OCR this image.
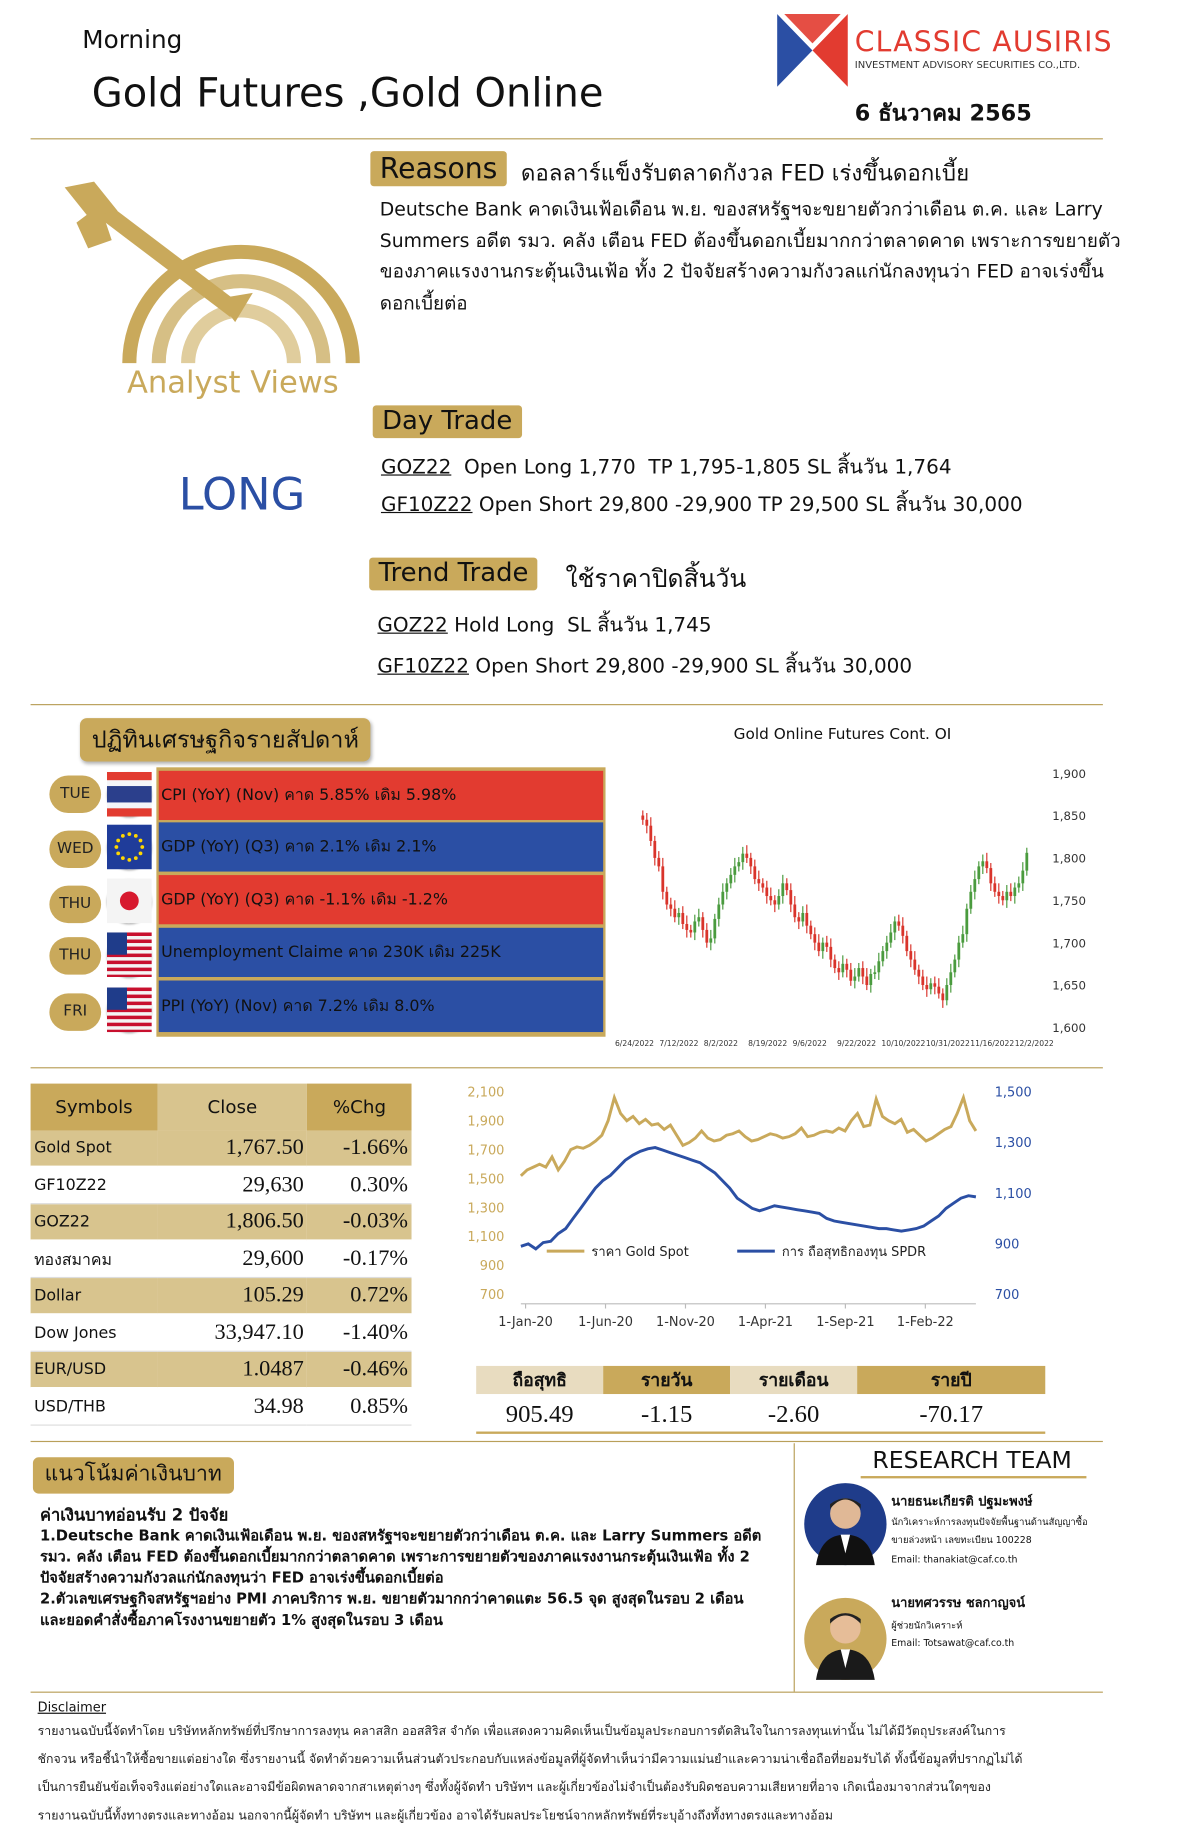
Morning
Gold Futures ,Gold Online
CLASSIC AUSIRIS
INVESTMENT ADVISORY SECURITIES CO.,LTD.
6 ธันวาคม 2565
Analyst Views
LONG
Reasons	ดอลลาร์แข็งรับตลาดกังวล FED เร่งขึ้นดอกเบี้ย
Deutsche Bank คาดเงินเฟ้อเดือน พ.ย. ของสหรัฐฯจะขยายตัวกว่าเดือน ต.ค. และ Larry
Summers อดีต รมว. คลัง เตือน FED ต้องขึ้นดอกเบี้ยมากกว่าตลาดคาด เพราะการขยายตัว
ของภาคแรงงานกระตุ้นเงินเฟ้อ ทั้ง 2 ปัจจัยสร้างความกังวลแก่นักลงทุนว่า FED อาจเร่งขึ้น
ดอกเบี้ยต่อ
Day Trade
GOZ22  Open Long 1,770  TP 1,795-1,805 SL สิ้นวัน 1,764
GF10Z22 Open Short 29,800 -29,900 TP 29,500 SL สิ้นวัน 30,000
Trend Trade	ใช้ราคาปิดสิ้นวัน
GOZ22 Hold Long  SL สิ้นวัน 1,745
GF10Z22 Open Short 29,800 -29,900 SL สิ้นวัน 30,000
ปฏิทินเศรษฐกิจรายสัปดาห์
TUE	CPI (YoY) (Nov) คาด 5.85% เดิม 5.98%
WED	GDP (YoY) (Q3) คาด 2.1% เดิม 2.1%
THU	GDP (YoY) (Q3) คาด -1.1% เดิม -1.2%
THU	Unemployment Claime คาด 230K เดิม 225K
FRI	PPI (YoY) (Nov) คาด 7.2% เดิม 8.0%
Gold Online Futures Cont. OI
1,900
1,850
1,800
1,750
1,700
1,650
1,600
6/24/2022 7/12/2022 8/2/2022 8/19/2022 9/6/2022 9/22/2022 10/10/2022 10/31/2022 11/16/2022 12/2/2022
Symbols	Close	%Chg
Gold Spot	1,767.50	-1.66%
GF10Z22	29,630	0.30%
GOZ22	1,806.50	-0.03%
ทองสมาคม	29,600	-0.17%
Dollar	105.29	0.72%
Dow Jones	33,947.10	-1.40%
EUR/USD	1.0487	-0.46%
USD/THB	34.98	0.85%
2,100
1,900
1,700
1,500
1,300
1,100
900
700
1,500
1,300
1,100
900
700
1-Jan-20 1-Jun-20 1-Nov-20 1-Apr-21 1-Sep-21 1-Feb-22
ราคา Gold Spot	การ ถือสุทธิกองทุน SPDR
ถือสุทธิ	รายวัน	รายเดือน	รายปี
905.49	-1.15	-2.60	-70.17
แนวโน้มค่าเงินบาท
ค่าเงินบาทอ่อนรับ 2 ปัจจัย
1.Deutsche Bank คาดเงินเฟ้อเดือน พ.ย. ของสหรัฐฯจะขยายตัวกว่าเดือน ต.ค. และ Larry Summers อดีต
รมว. คลัง เตือน FED ต้องขึ้นดอกเบี้ยมากกว่าตลาดคาด เพราะการขยายตัวของภาคแรงงานกระตุ้นเงินเฟ้อ ทั้ง 2
ปัจจัยสร้างความกังวลแก่นักลงทุนว่า FED อาจเร่งขึ้นดอกเบี้ยต่อ
2.ตัวเลขเศรษฐกิจสหรัฐฯอย่าง PMI ภาคบริการ พ.ย. ขยายตัวมากกว่าคาดแตะ 56.5 จุด สูงสุดในรอบ 2 เดือน
และยอดคำสั่งซื้อภาคโรงงานขยายตัว 1% สูงสุดในรอบ 3 เดือน
RESEARCH TEAM
นายธนะเกียรติ ปฐมะพงษ์
นักวิเคราะห์การลงทุนปัจจัยพื้นฐานด้านสัญญาซื้อ
ขายล่วงหน้า เลขทะเบียน 100228
Email: thanakiat@caf.co.th
นายทศวรรษ ชลกาญจน์
ผู้ช่วยนักวิเคราะห์
Email: Totsawat@caf.co.th
Disclaimer
รายงานฉบับนี้จัดทำโดย บริษัทหลักทรัพย์ที่ปรึกษาการลงทุน คลาสสิก ออสสิริส จำกัด เพื่อแสดงความคิดเห็นเป็นข้อมูลประกอบการตัดสินใจในการลงทุนเท่านั้น ไม่ได้มีวัตถุประสงค์ในการ
ชักจวน หรือชี้นำให้ซื้อขายแต่อย่างใด ซึ่งรายงานนี้ จัดทำด้วยความเห็นส่วนตัวประกอบกับแหล่งข้อมูลที่ผู้จัดทำเห็นว่ามีความแม่นยำและความน่าเชื่อถือที่ยอมรับได้ ทั้งนี้ข้อมูลที่ปรากฏไม่ได้
เป็นการยืนยันข้อเท็จจริงแต่อย่างใดและอาจมีข้อผิดพลาดจากสาเหตุต่างๆ ซึ่งทั้งผู้จัดทำ บริษัทฯ และผู้เกี่ยวข้องไม่จำเป็นต้องรับผิดชอบความเสียหายที่อาจ เกิดเนื่องมาจากส่วนใดๆของ
รายงานฉบับนี้ทั้งทางตรงและทางอ้อม นอกจากนี้ผู้จัดทำ บริษัทฯ และผู้เกี่ยวข้อง อาจได้รับผลประโยชน์จากหลักทรัพย์ที่ระบุอ้างถึงทั้งทางตรงและทางอ้อม
